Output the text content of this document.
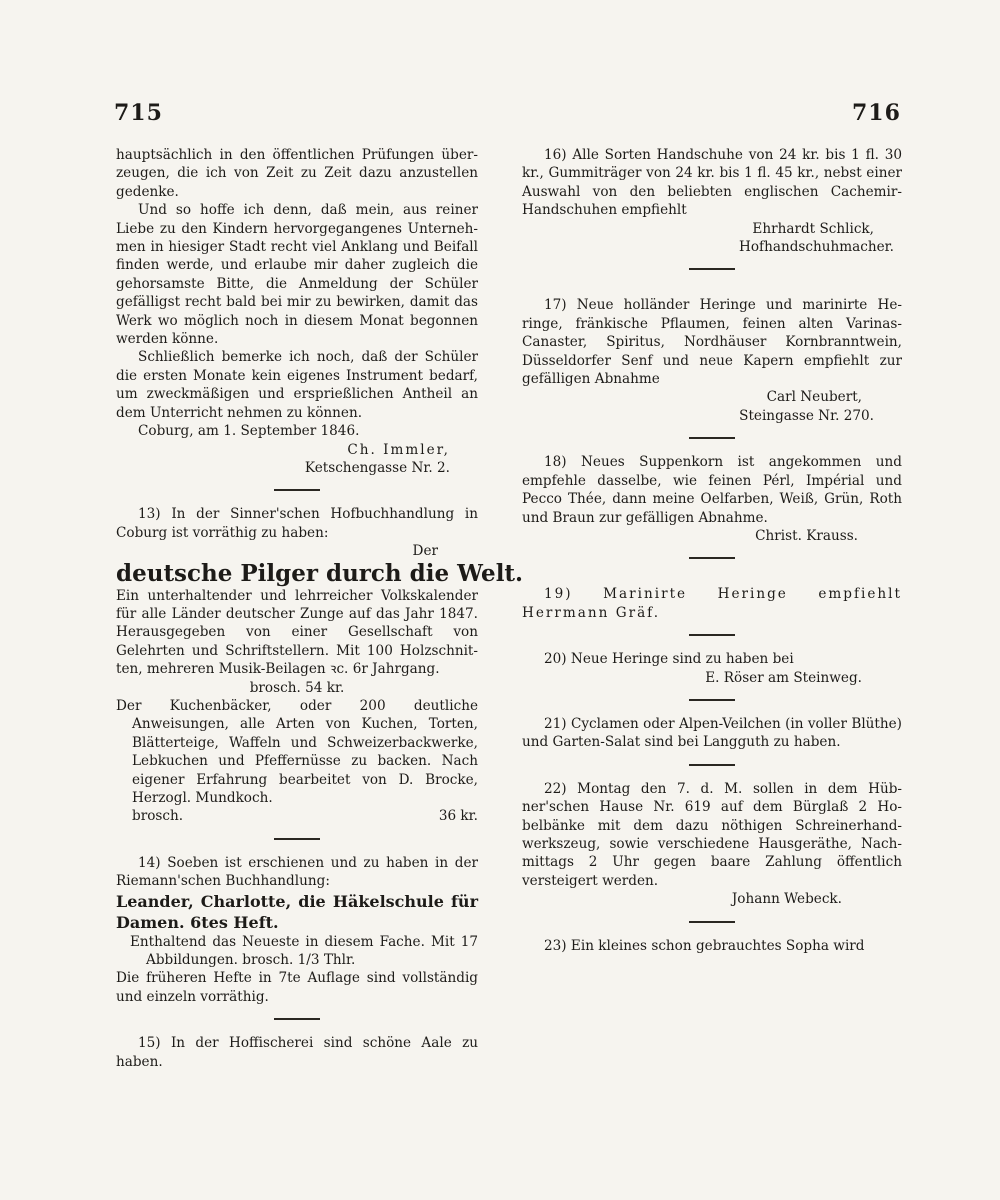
715	716

hauptsächlich in den öffentlichen Prüfungen überzeugen, die ich von Zeit zu Zeit dazu anzustellen gedenke.

Und so hoffe ich denn, daß mein, aus reiner Liebe zu den Kindern hervorgegangenes Unternehmen in hiesiger Stadt recht viel Anklang und Beifall finden werde, und erlaube mir daher zugleich die gehorsamste Bitte, die Anmeldung der Schüler gefälligst recht bald bei mir zu bewirken, damit das Werk wo möglich noch in diesem Monat begonnen werden könne.

Schließlich bemerke ich noch, daß der Schüler die ersten Monate kein eigenes Instrument bedarf, um zweckmäßigen und ersprießlichen Antheil an dem Unterricht nehmen zu können.

Coburg, am 1. September 1846.

Ch. Immler,

Ketschengasse Nr. 2.

13) In der Sinner'schen Hofbuchhandlung in Coburg ist vorräthig zu haben:

Der

deutsche Pilger durch die Welt.

Ein unterhaltender und lehrreicher Volkskalender für alle Länder deutscher Zunge auf das Jahr 1847. Herausgegeben von einer Gesellschaft von Gelehrten und Schriftstellern. Mit 100 Holzschnitten, mehreren Musik-Beilagen ꝛc. 6r Jahrgang.

brosch. 54 kr.

Der Kuchenbäcker, oder 200 deutliche Anweisungen, alle Arten von Kuchen, Torten, Blätterteige, Waffeln und Schweizerbackwerke, Lebkuchen und Pfeffernüsse zu backen. Nach eigener Erfahrung bearbeitet von D. Brocke, Herzogl. Mundkoch.

brosch.	36 kr.

14) Soeben ist erschienen und zu haben in der Riemann'schen Buchhandlung:

Leander, Charlotte, die Häkelschule für Damen. 6tes Heft.

Enthaltend das Neueste in diesem Fache. Mit 17 Abbildungen. brosch. 1/3 Thlr.

Die früheren Hefte in 7te Auflage sind vollständig und einzeln vorräthig.

15) In der Hoffischerei sind schöne Aale zu haben.

16) Alle Sorten Handschuhe von 24 kr. bis 1 fl. 30 kr., Gummiträger von 24 kr. bis 1 fl. 45 kr., nebst einer Auswahl von den beliebten englischen Cachemir-Handschuhen empfiehlt

Ehrhardt Schlick,

Hofhandschuhmacher.

17) Neue holländer Heringe und marinirte Heringe, fränkische Pflaumen, feinen alten Varinas-Canaster, Spiritus, Nordhäuser Kornbranntwein, Düsseldorfer Senf und neue Kapern empfiehlt zur gefälligen Abnahme

Carl Neubert,

Steingasse Nr. 270.

18) Neues Suppenkorn ist angekommen und empfehle dasselbe, wie feinen Pérl, Impérial und Pecco Thée, dann meine Oelfarben, Weiß, Grün, Roth und Braun zur gefälligen Abnahme.

Christ. Krauss.

19) Marinirte Heringe empfiehlt Herrmann Gräf.

20) Neue Heringe sind zu haben bei

E. Röser am Steinweg.

21) Cyclamen oder Alpen-Veilchen (in voller Blüthe) und Garten-Salat sind bei Langguth zu haben.

22) Montag den 7. d. M. sollen in dem Hübner'schen Hause Nr. 619 auf dem Bürglaß 2 Hobelbänke mit dem dazu nöthigen Schreinerhandwerkszeug, sowie verschiedene Hausgeräthe, Nachmittags 2 Uhr gegen baare Zahlung öffentlich versteigert werden.

Johann Webeck.

23) Ein kleines schon gebrauchtes Sopha wird
